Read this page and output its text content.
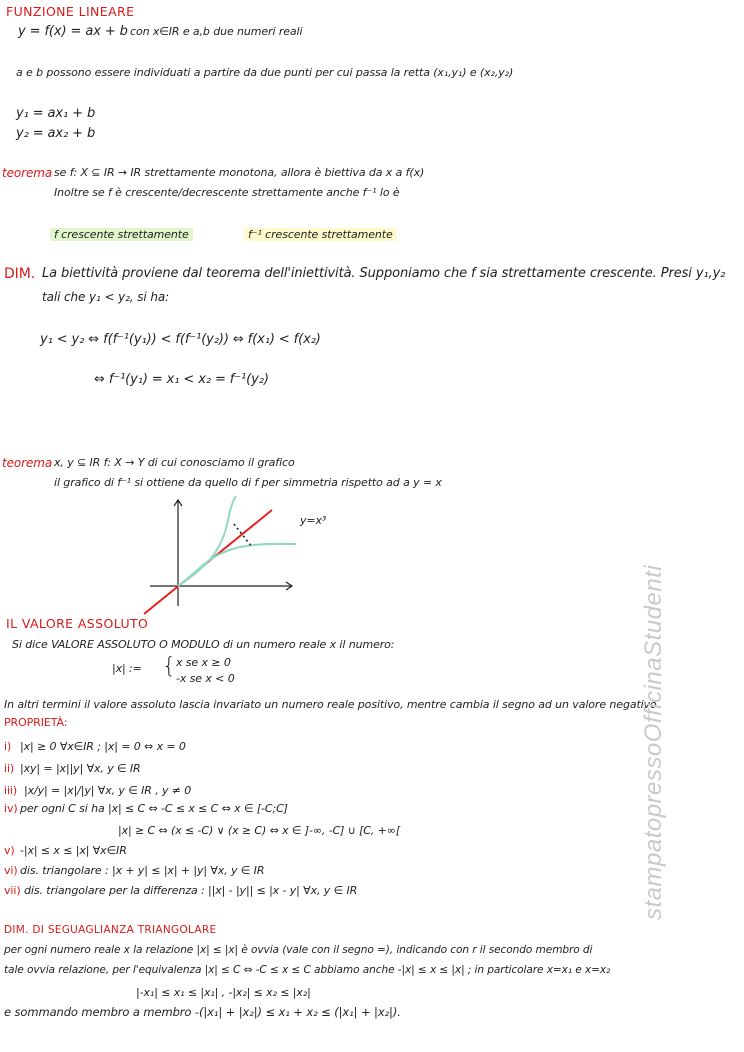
FUNZIONE LINEARE
y = f(x) = ax + b con x∈IR e a,b due numeri reali
a e b possono essere individuati a partire da due punti per cui passa la retta (x₁,y₁) e (x₂,y₂)
y₁ = ax₁ + b
y₂ = ax₂ + b
teorema se f: X ⊆ IR → IR strettamente monotona, allora è biettiva da x a f(x)
Inoltre se f è crescente/decrescente strettamente anche f⁻¹ lo è
f crescente strettamente	f⁻¹ crescente strettamente
DIM. La biettività proviene dal teorema dell'iniettività. Supponiamo che f sia strettamente crescente. Presi y₁,y₂
tali che y₁ < y₂, si ha:
y₁ < y₂ ⇔ f(f⁻¹(y₁)) < f(f⁻¹(y₂)) ⇔ f(x₁) < f(x₂)
⇔ f⁻¹(y₁) = x₁ < x₂ = f⁻¹(y₂)
teorema x, y ⊆ IR f: X → Y di cui conosciamo il grafico
il grafico di f⁻¹ si ottiene da quello di f per simmetria rispetto ad a y = x
y=x³
IL VALORE ASSOLUTO
Si dice VALORE ASSOLUTO O MODULO di un numero reale x il numero:
|x| := { x se x ≥ 0
-x se x < 0
In altri termini il valore assoluto lascia invariato un numero reale positivo, mentre cambia il segno ad un valore negativo
PROPRIETÀ:
i) |x| ≥ 0 ∀x∈IR ; |x| = 0 ⇔ x = 0
ii) |xy| = |x||y| ∀x, y ∈ IR
iii) |x/y| = |x|/|y| ∀x, y ∈ IR , y ≠ 0
iv) per ogni C si ha |x| ≤ C ⇔ -C ≤ x ≤ C ⇔ x ∈ [-C;C]
|x| ≥ C ⇔ (x ≤ -C) ∨ (x ≥ C) ⇔ x ∈ ]-∞, -C] ∪ [C, +∞[
v) -|x| ≤ x ≤ |x| ∀x∈IR
vi) dis. triangolare : |x + y| ≤ |x| + |y| ∀x, y ∈ IR
vii) dis. triangolare per la differenza : ||x| - |y|| ≤ |x - y| ∀x, y ∈ IR
DIM. DI SEGUAGLIANZA TRIANGOLARE
per ogni numero reale x la relazione |x| ≤ |x| è ovvia (vale con il segno =), indicando con r il secondo membro di
tale ovvia relazione, per l'equivalenza |x| ≤ C ⇔ -C ≤ x ≤ C abbiamo anche -|x| ≤ x ≤ |x| ; in particolare x=x₁ e x=x₂
|-x₁| ≤ x₁ ≤ |x₁| , -|x₂| ≤ x₂ ≤ |x₂|
e sommando membro a membro -(|x₁| + |x₂|) ≤ x₁ + x₂ ≤ (|x₁| + |x₂|).
stampatopressoOfficinaStudenti
